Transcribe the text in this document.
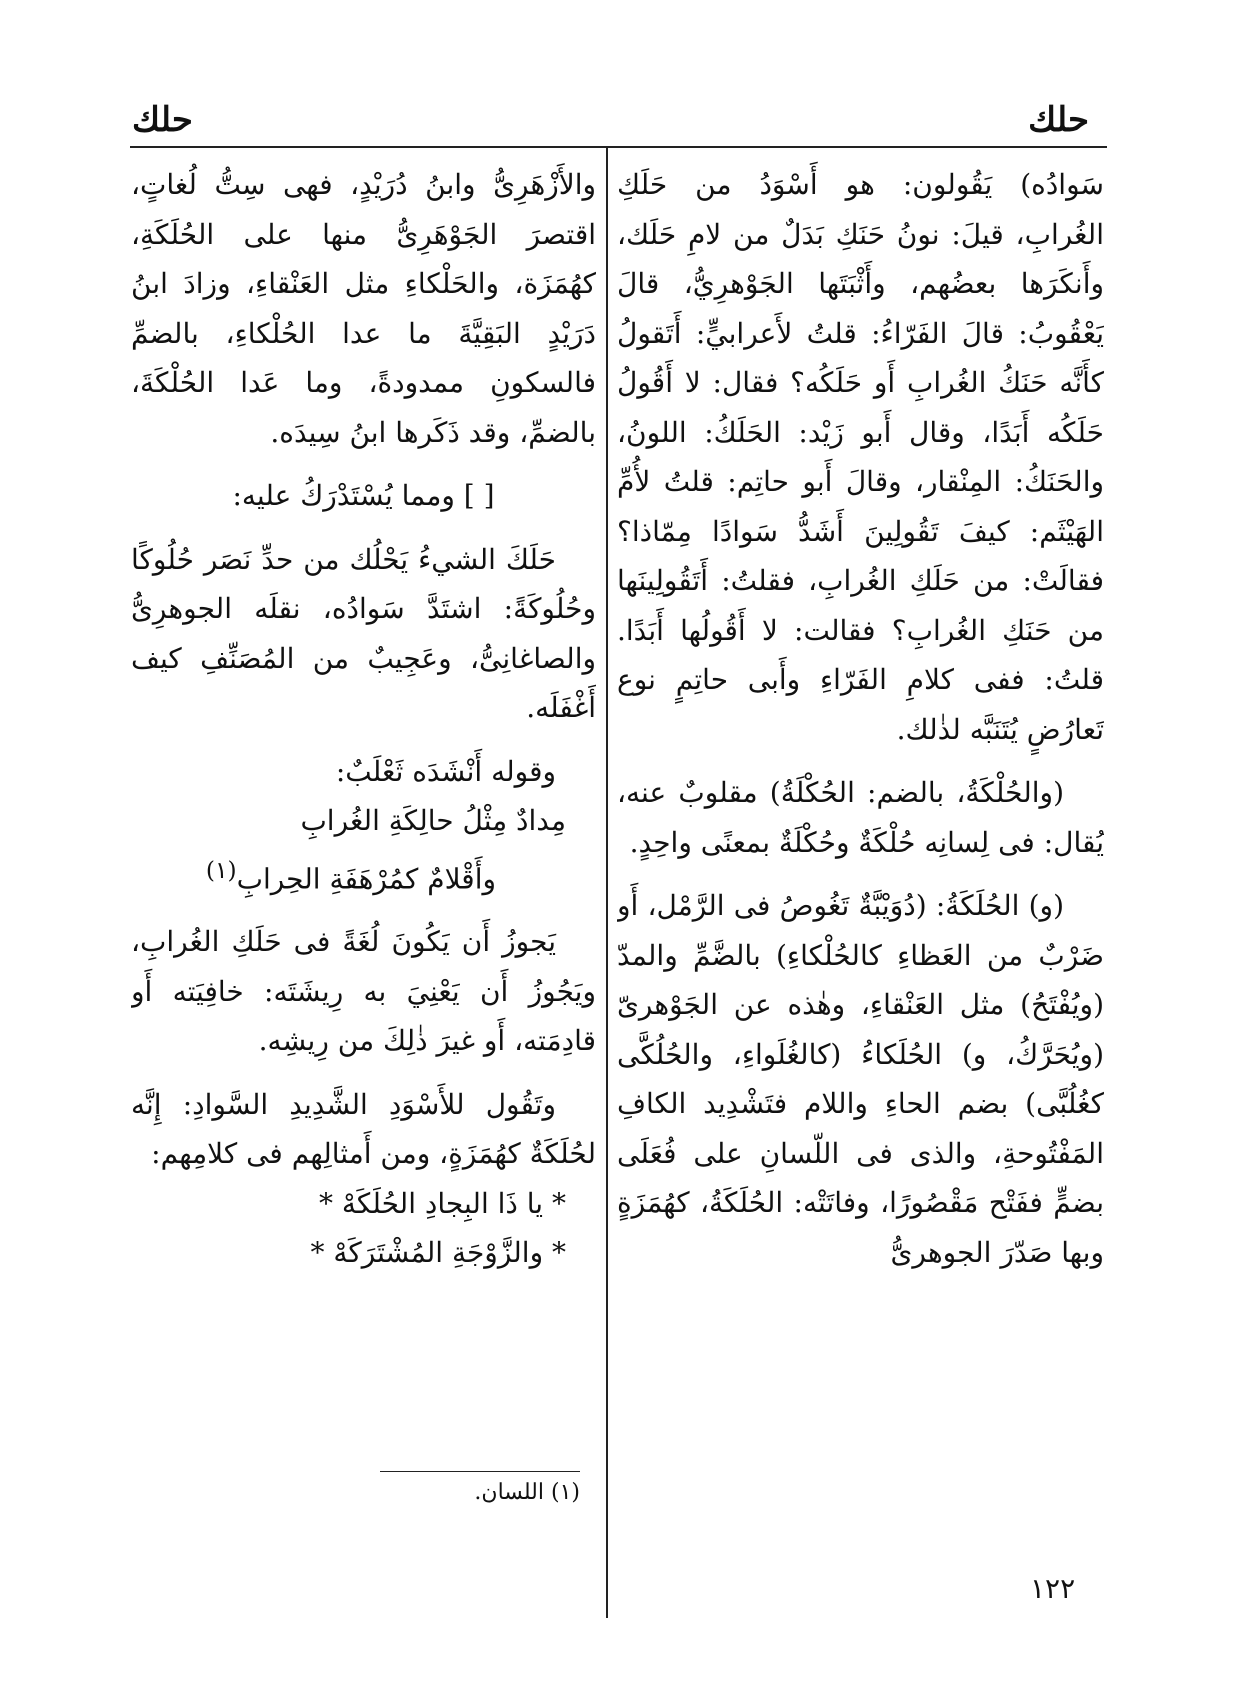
حلك	حلك

سَوادُه) يَقُولون: هو أَسْوَدُ من حَلَكِ الغُرابِ، قيلَ: نونُ حَنَكِ بَدَلٌ من لامِ حَلَك، وأَنكَرَها بعضُهم، وأَثْبَتَها الجَوْهرِيُّ، قالَ يَعْقُوبُ: قالَ الفَرّاءُ: قلتُ لأَعرابيٍّ: أَتَقولُ كأَنَّه حَنَكُ الغُرابِ أَو حَلَكُه؟ فقال: لا أَقُولُ حَلَكُه أَبَدًا، وقال أَبو زَيْد: الحَلَكُ: اللونُ، والحَنَكُ: المِنْقار، وقالَ أَبو حاتِم: قلتُ لأُمِّ الهَيْثَم: كيفَ تَقُولِينَ أَشَدُّ سَوادًا مِمّاذا؟ فقالَتْ: من حَلَكِ الغُرابِ، فقلتُ: أَتَقُولِينَها من حَنَكِ الغُرابِ؟ فقالت: لا أَقُولُها أَبَدًا. قلتُ: ففى كلامِ الفَرّاءِ وأَبى حاتِمٍ نوع تَعارُضٍ يُتَنَبَّه لذٰلك.

(والحُلْكَةُ، بالضم: الحُكْلَةُ) مقلوبٌ عنه، يُقال: فى لِسانِه حُلْكَةٌ وحُكْلَةٌ بمعنًى واحِدٍ.

(و) الحُلَكَةُ: (دُوَيْبَّةٌ تَغُوصُ فى الرَّمْل، أَو ضَرْبٌ من العَظاءِ كالحُلْكاءِ) بالضَّمِّ والمدّ (ويُفْتَحُ) مثل العَنْقاءِ، وهٰذه عن الجَوْهرىّ (ويُحَرَّكُ، و) الحُلَكاءُ (كالغُلَواءِ، والحُلُكَّى كغُلُبَّى) بضم الحاءِ واللام فتَشْدِيد الكافِ المَفْتُوحةِ، والذى فى اللّسانِ على فُعَلَى بضمٍّ ففَتْح مَقْصُورًا، وفاتَتْه: الحُلَكَةُ، كهُمَزَةٍ وبها صَدّرَ الجوهرىُّ

والأَزْهَرِىُّ وابنُ دُرَيْدٍ، فهى سِتُّ لُغاتٍ، اقتصرَ الجَوْهَرِىُّ منها على الحُلَكَةِ، كهُمَزَة، والحَلْكاءِ مثل العَنْقاءِ، وزادَ ابنُ دَرَيْدٍ البَقِيَّةَ ما عدا الحُلْكاءِ، بالضمِّ فالسكونِ ممدودةً، وما عَدا الحُلْكَةَ، بالضمِّ، وقد ذَكَرها ابنُ سِيدَه.

[ ] ومما يُسْتَدْرَكُ عليه:

حَلَكَ الشيءُ يَحْلُك من حدِّ نَصَر حُلُوكًا وحُلُوكَةً: اشتَدَّ سَوادُه، نقلَه الجوهرِىُّ والصاغانِىُّ، وعَجِيبٌ من المُصَنِّفِ كيف أَغْفَلَه.

وقوله أَنْشَدَه ثَعْلَبٌ:

مِدادٌ مِثْلُ حالِكَةِ الغُرابِ

وأَقْلامٌ كمُرْهَفَةِ الحِرابِ$^{(١)}$

يَجوزُ أَن يَكُونَ لُغَةً فى حَلَكِ الغُرابِ، ويَجُوزُ أَن يَعْنِيَ به رِيشَتَه: خافِيَته أَو قادِمَته، أَو غيرَ ذٰلِكَ من رِيشِه.

وتَقُول للأَسْوَدِ الشَّدِيدِ السَّوادِ: إِنَّه لحُلَكَةٌ كهُمَزَةٍ، ومن أَمثالِهم فى كلامِهم:

* يا ذَا البِجادِ الحُلَكَهْ *

* والزَّوْجَةِ المُشْتَرَكَهْ *

(١) اللسان.
١٢٢
